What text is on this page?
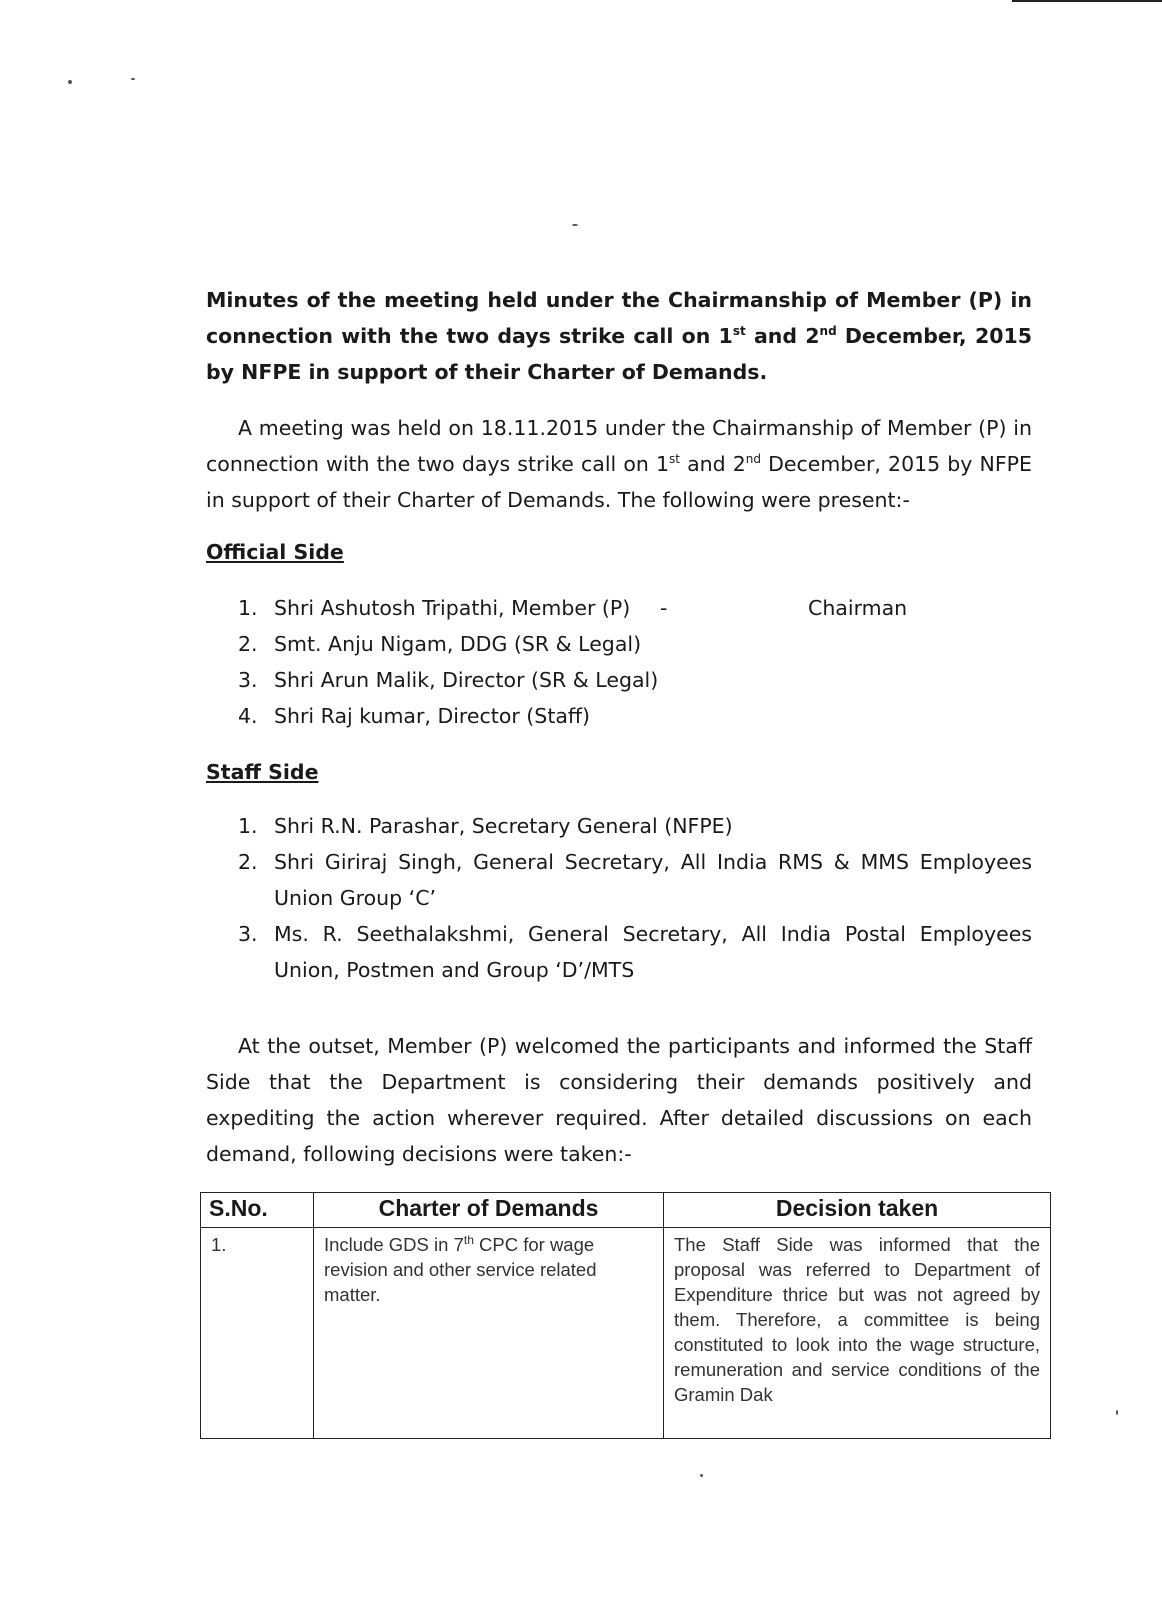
Minutes of the meeting held under the Chairmanship of Member (P) in connection with the two days strike call on 1st and 2nd December, 2015 by NFPE in support of their Charter of Demands.

A meeting was held on 18.11.2015 under the Chairmanship of Member (P) in connection with the two days strike call on 1st and 2nd December, 2015 by NFPE in support of their Charter of Demands. The following were present:-

Official Side
1. Shri Ashutosh Tripathi, Member (P) -	Chairman
2. Smt. Anju Nigam, DDG (SR & Legal)
3. Shri Arun Malik, Director (SR & Legal)
4. Shri Raj kumar, Director (Staff)
Staff Side
1. Shri R.N. Parashar, Secretary General (NFPE)
2. Shri Giriraj Singh, General Secretary, All India RMS & MMS Employees Union Group ‘C’
3. Ms. R. Seethalakshmi, General Secretary, All India Postal Employees Union, Postmen and Group ‘D’/MTS

At the outset, Member (P) welcomed the participants and informed the Staff Side that the Department is considering their demands positively and expediting the action wherever required. After detailed discussions on each demand, following decisions were taken:-

S.No.	Charter of Demands	Decision taken
1.	Include GDS in 7th CPC for wage revision and other service related matter.	The Staff Side was informed that the proposal was referred to Department of Expenditure thrice but was not agreed by them. Therefore, a committee is being constituted to look into the wage structure, remuneration and service conditions of the Gramin Dak
